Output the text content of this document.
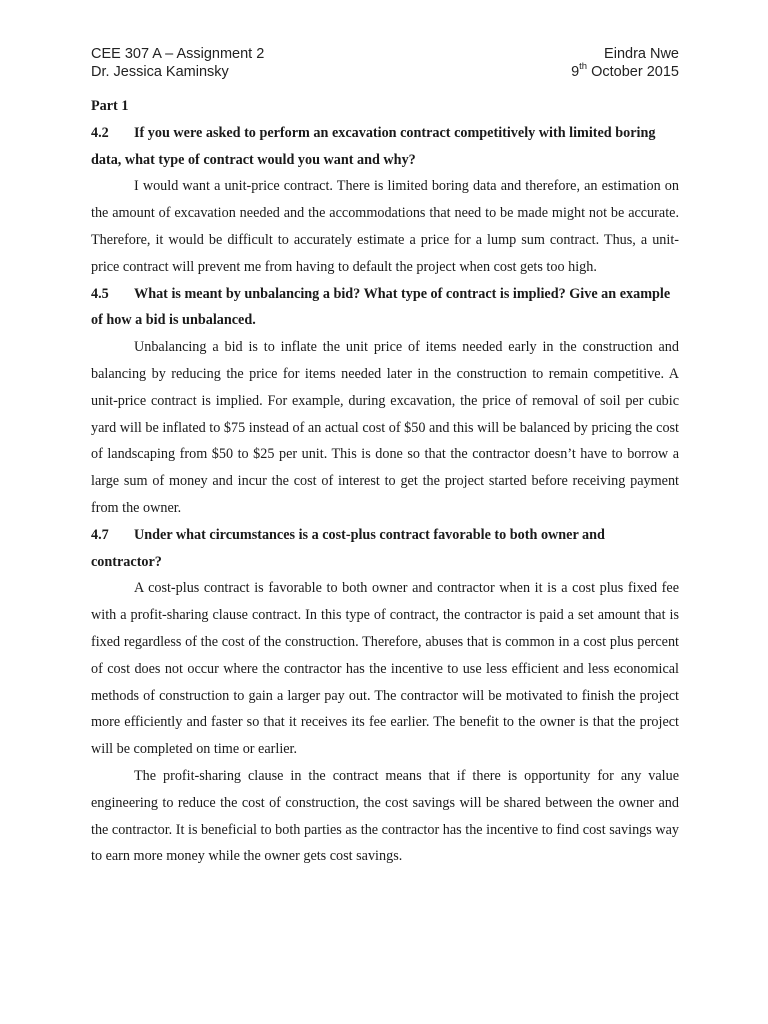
CEE 307 A – Assignment 2	Eindra Nwe
Dr. Jessica Kaminsky	9th October 2015

Part 1

4.2 If you were asked to perform an excavation contract competitively with limited boring data, what type of contract would you want and why?

I would want a unit-price contract. There is limited boring data and therefore, an estimation on the amount of excavation needed and the accommodations that need to be made might not be accurate. Therefore, it would be difficult to accurately estimate a price for a lump sum contract. Thus, a unit-price contract will prevent me from having to default the project when cost gets too high.

4.5 What is meant by unbalancing a bid? What type of contract is implied? Give an example of how a bid is unbalanced.

Unbalancing a bid is to inflate the unit price of items needed early in the construction and balancing by reducing the price for items needed later in the construction to remain competitive. A unit-price contract is implied. For example, during excavation, the price of removal of soil per cubic yard will be inflated to $75 instead of an actual cost of $50 and this will be balanced by pricing the cost of landscaping from $50 to $25 per unit. This is done so that the contractor doesn’t have to borrow a large sum of money and incur the cost of interest to get the project started before receiving payment from the owner.

4.7 Under what circumstances is a cost-plus contract favorable to both owner and contractor?

A cost-plus contract is favorable to both owner and contractor when it is a cost plus fixed fee with a profit-sharing clause contract. In this type of contract, the contractor is paid a set amount that is fixed regardless of the cost of the construction. Therefore, abuses that is common in a cost plus percent of cost does not occur where the contractor has the incentive to use less efficient and less economical methods of construction to gain a larger pay out. The contractor will be motivated to finish the project more efficiently and faster so that it receives its fee earlier. The benefit to the owner is that the project will be completed on time or earlier.

The profit-sharing clause in the contract means that if there is opportunity for any value engineering to reduce the cost of construction, the cost savings will be shared between the owner and the contractor. It is beneficial to both parties as the contractor has the incentive to find cost savings way to earn more money while the owner gets cost savings.
